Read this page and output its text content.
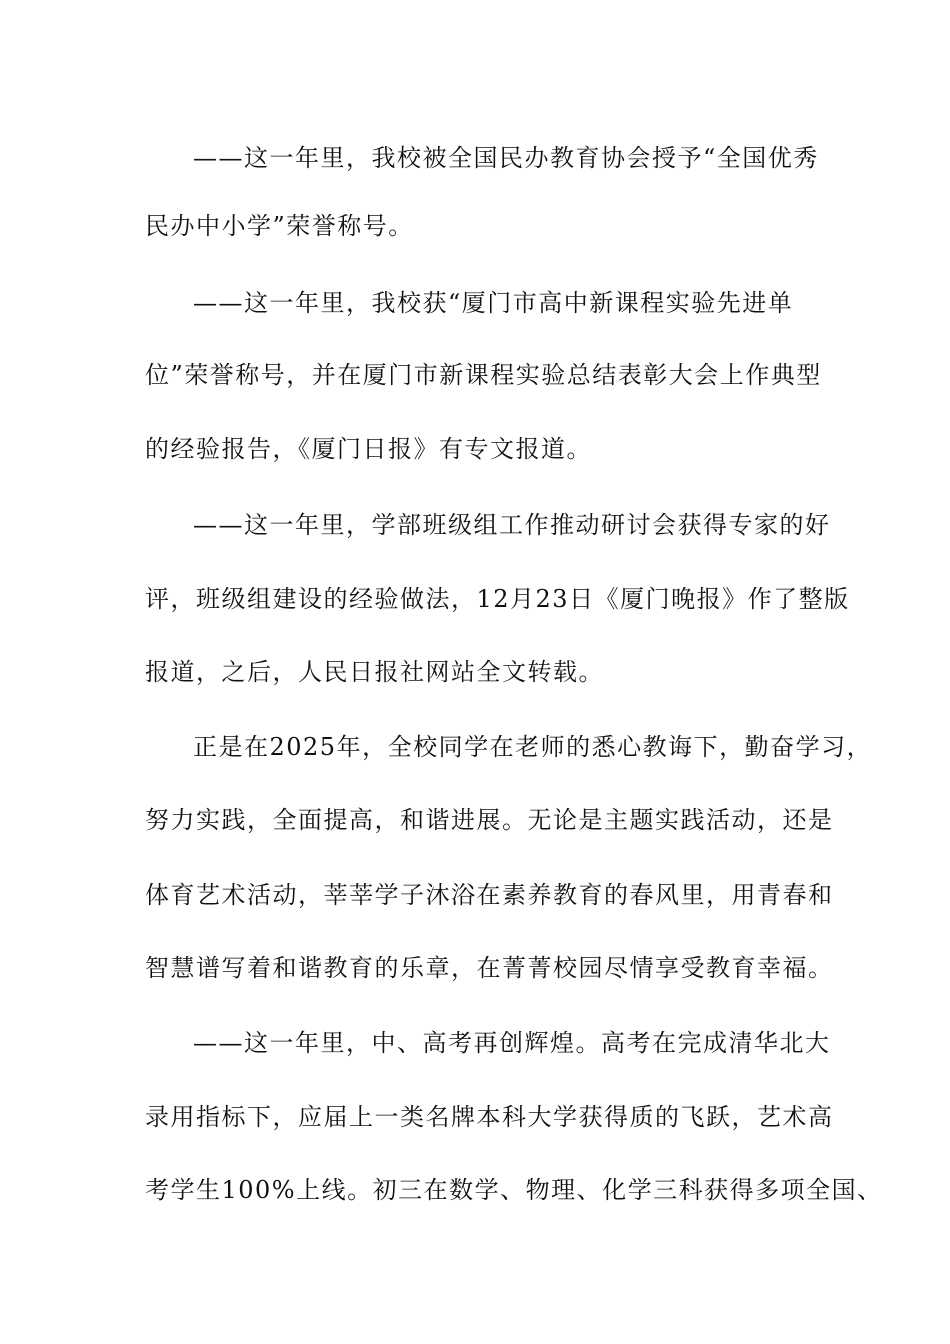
——这一年里，我校被全国民办教育协会授予“全国优秀
民办中小学”荣誉称号。
——这一年里，我校获“厦门市高中新课程实验先进单
位”荣誉称号，并在厦门市新课程实验总结表彰大会上作典型
的经验报告，《厦门日报》有专文报道。
——这一年里，学部班级组工作推动研讨会获得专家的好
评，班级组建设的经验做法，12月23日《厦门晚报》作了整版
报道，之后，人民日报社网站全文转载。
正是在2025年，全校同学在老师的悉心教诲下，勤奋学习，
努力实践，全面提高，和谐进展。无论是主题实践活动，还是
体育艺术活动，莘莘学子沐浴在素养教育的春风里，用青春和
智慧谱写着和谐教育的乐章，在菁菁校园尽情享受教育幸福。
——这一年里，中、高考再创辉煌。高考在完成清华北大
录用指标下，应届上一类名牌本科大学获得质的飞跃，艺术高
考学生100%上线。初三在数学、物理、化学三科获得多项全国、
